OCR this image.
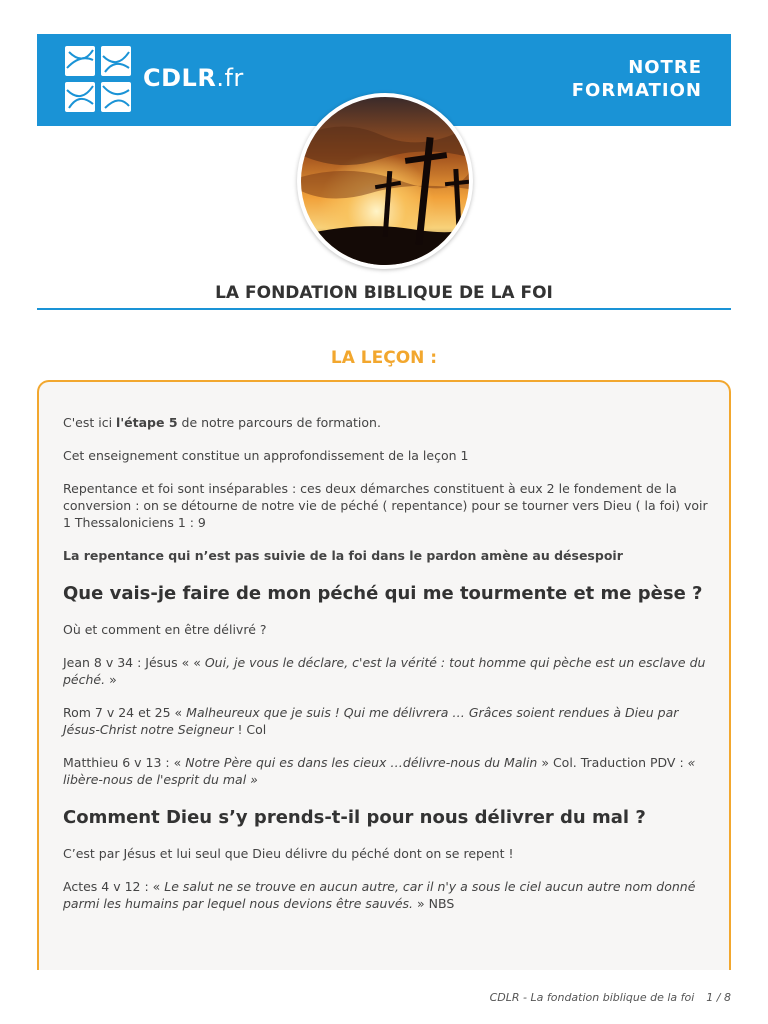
CDLR.fr	NOTRE
FORMATION
LA FONDATION BIBLIQUE DE LA FOI
LA LEÇON :

C'est ici l'étape 5 de notre parcours de formation.

Cet enseignement constitue un approfondissement de la leçon 1

Repentance et foi sont inséparables : ces deux démarches constituent à eux 2 le fondement de la conversion : on se détourne de notre vie de péché ( repentance) pour se tourner vers Dieu ( la foi) voir 1 Thessaloniciens 1 : 9

La repentance qui n’est pas suivie de la foi dans le pardon amène au désespoir

Que vais-je faire de mon péché qui me tourmente et me pèse ?

Où et comment en être délivré ?

Jean 8 v 34 : Jésus « « Oui, je vous le déclare, c'est la vérité : tout homme qui pèche est un esclave du péché. »

Rom 7 v 24 et 25 « Malheureux que je suis ! Qui me délivrera … Grâces soient rendues à Dieu par Jésus-Christ notre Seigneur ! Col

Matthieu 6 v 13 : « Notre Père qui es dans les cieux …délivre-nous du Malin » Col. Traduction PDV : « libère-nous de l'esprit du mal »

Comment Dieu s’y prends-t-il pour nous délivrer du mal ?

C’est par Jésus et lui seul que Dieu délivre du péché dont on se repent !

Actes 4 v 12 : « Le salut ne se trouve en aucun autre, car il n'y a sous le ciel aucun autre nom donné parmi les humains par lequel nous devions être sauvés. » NBS

CDLR - La fondation biblique de la foi 1 / 8
